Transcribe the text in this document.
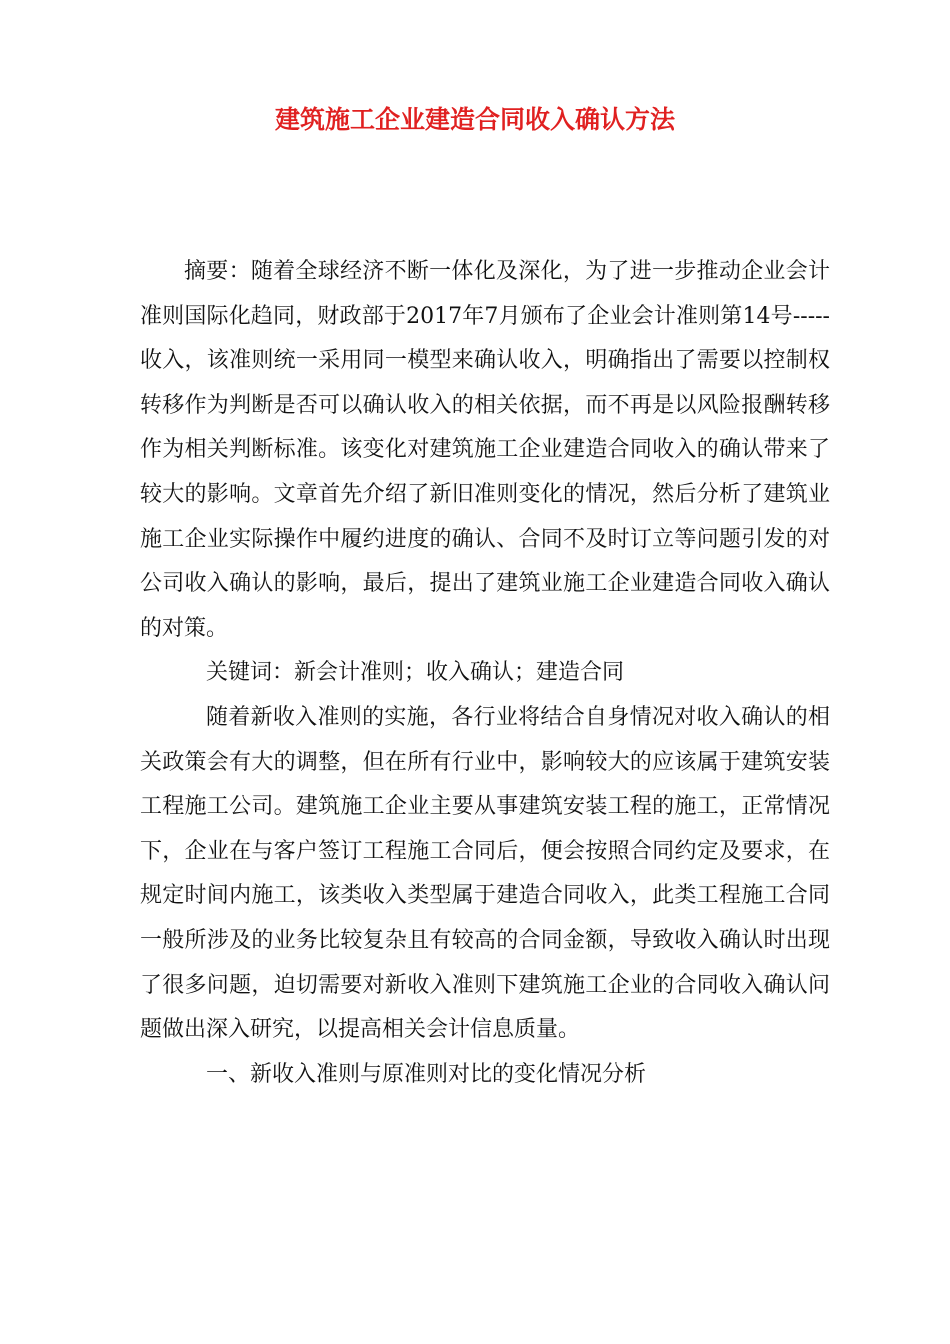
建筑施工企业建造合同收入确认方法

摘要：随着全球经济不断一体化及深化，为了进一步推动企业会计准则国际化趋同，财政部于2017年7月颁布了企业会计准则第14号-----收入，该准则统一采用同一模型来确认收入，明确指出了需要以控制权转移作为判断是否可以确认收入的相关依据，而不再是以风险报酬转移作为相关判断标准。该变化对建筑施工企业建造合同收入的确认带来了较大的影响。文章首先介绍了新旧准则变化的情况，然后分析了建筑业施工企业实际操作中履约进度的确认、合同不及时订立等问题引发的对公司收入确认的影响，最后，提出了建筑业施工企业建造合同收入确认的对策。

关键词：新会计准则；收入确认；建造合同

随着新收入准则的实施，各行业将结合自身情况对收入确认的相关政策会有大的调整，但在所有行业中，影响较大的应该属于建筑安装工程施工公司。建筑施工企业主要从事建筑安装工程的施工，正常情况下，企业在与客户签订工程施工合同后，便会按照合同约定及要求，在规定时间内施工，该类收入类型属于建造合同收入，此类工程施工合同一般所涉及的业务比较复杂且有较高的合同金额，导致收入确认时出现了很多问题，迫切需要对新收入准则下建筑施工企业的合同收入确认问题做出深入研究，以提高相关会计信息质量。

一、新收入准则与原准则对比的变化情况分析
